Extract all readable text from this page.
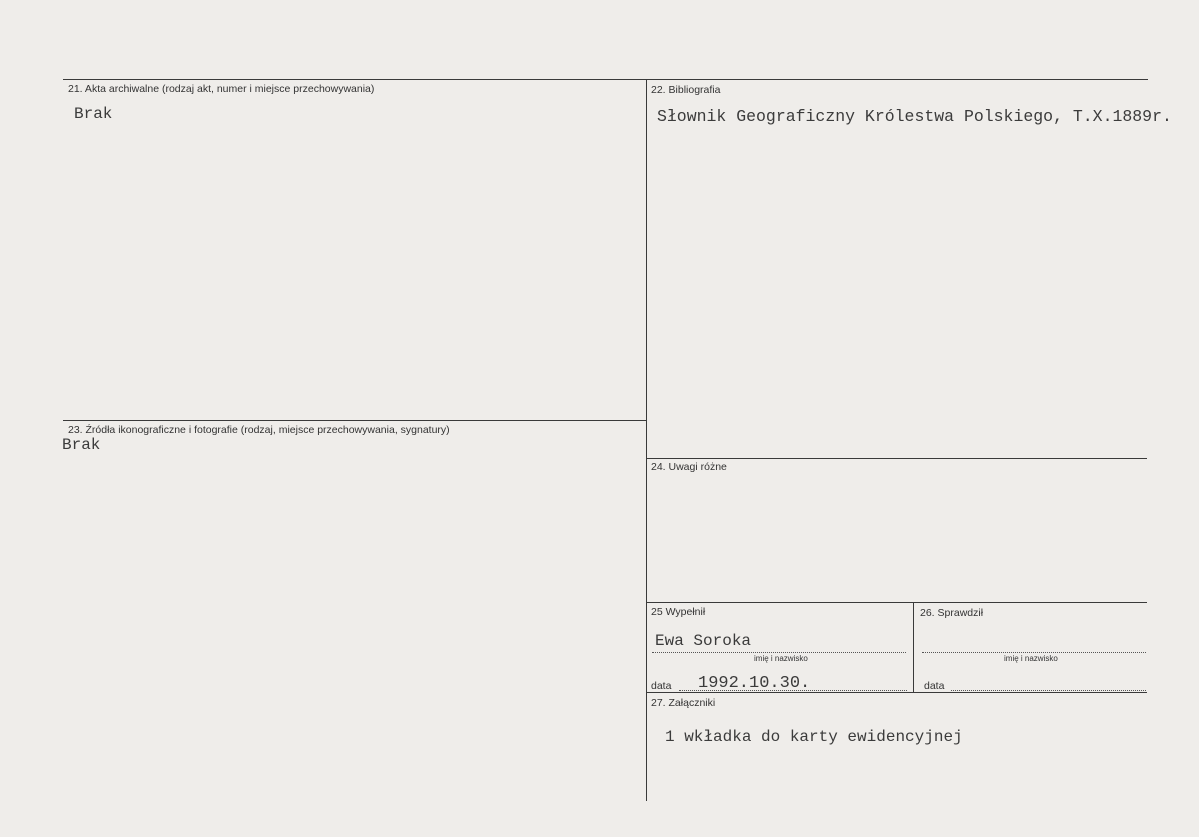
21. Akta archiwalne (rodzaj akt, numer i miejsce przechowywania)
Brak
22. Bibliografia
Słownik Geograficzny Królestwa Polskiego, T.X.1889r.
23. Źródła ikonograficzne i fotografie (rodzaj, miejsce przechowywania, sygnatury)
Brak
24. Uwagi różne
25 Wypełnił
Ewa Soroka
imię i nazwisko
data 1992.10.30.
26. Sprawdził
imię i nazwisko
data
27. Załączniki
1 wkładka do karty ewidencyjnej
